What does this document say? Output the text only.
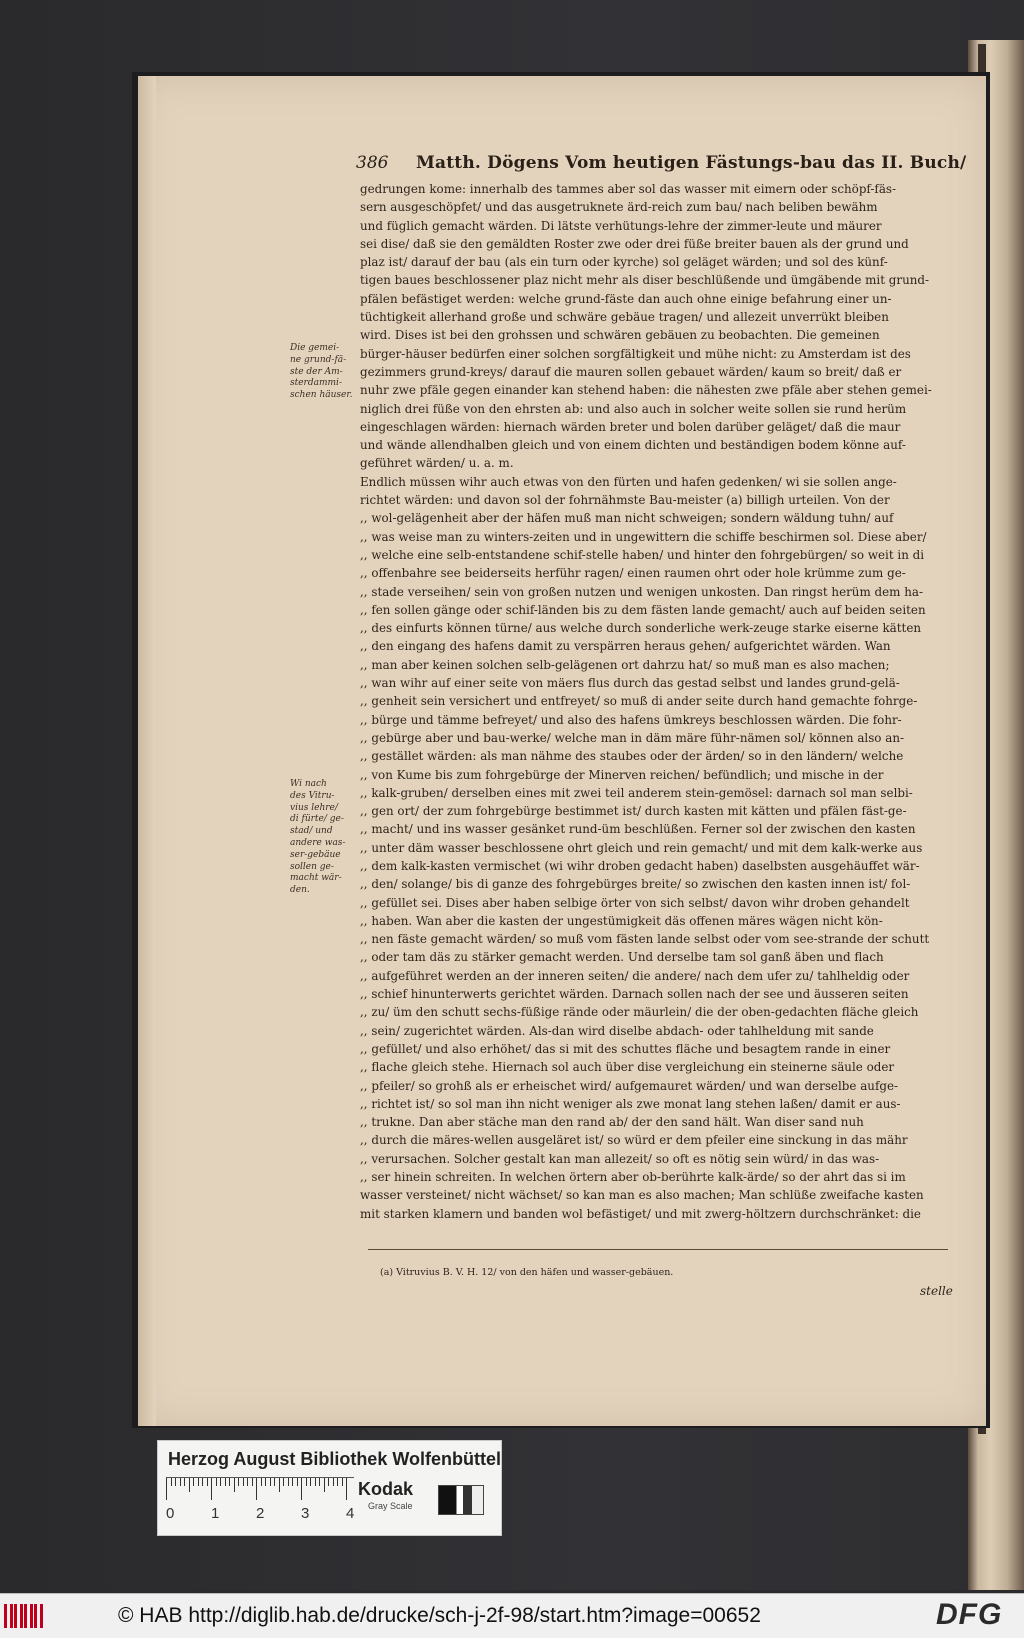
386 Matth. Dögens Vom heutigen Fästungs-bau das II. Buch/
gedrungen kome: innerhalb des tammes aber sol das wasser mit eimern oder schöpf-fäs-
sern ausgeschöpfet/ und das ausgetruknete ärd-reich zum bau/ nach belіben bewähm
und füglich gemacht wärden. Di lätste verhütungs-lehre der zimmer-leute und mäurer
sei dise/ daß sie den gemäldten Roster zwe oder drei füße breiter bauen als der grund und
plaz ist/ darauf der bau (als ein turn oder kyrche) sol geläget wärden; und sol des künf-
tigen baues beschlossener plaz nicht mehr als diser beschlüßende und ümgäbende mit grund-
pfälen befästiget werden: welche grund-fäste dan auch ohne einige befahrung einer un-
tüchtigkeit allerhand große und schwäre gebäue tragen/ und allezeit unverrükt bleiben
wird. Dises ist bei den grohssen und schwären gebäuen zu beobachten. Die gemeinen
bürger-häuser bedürfen einer solchen sorgfältigkeit und mühe nicht: zu Amsterdam ist des
gezimmers grund-kreys/ darauf die mauren sollen gebauet wärden/ kaum so breit/ daß er
nuhr zwe pfäle gegen einander kan stehend haben: die nähesten zwe pfäle aber stehen gemei-
niglich drei füße von den ehrsten ab: und also auch in solcher weite sollen sie rund herüm
eingeschlagen wärden: hiernach wärden breter und bolen darüber geläget/ daß die maur
und wände allendhalben gleich und von einem dichten und beständigen bodem könne auf-
geführet wärden/ u. a. m.
Endlich müssen wihr auch etwas von den fürten und hafen gedenken/ wi sie sollen ange-
richtet wärden: und davon sol der fohrnähmste Bau-meister (a) billigh urteilen. Von der
,, wol-gelägenheit aber der häfen muß man nicht schweigen; sondern wäldung tuhn/ auf
,, was weise man zu winters-zeiten und in ungewittern die schiffe beschirmen sol. Diese aber/
,, welche eine selb-entstandene schif-stelle haben/ und hinter den fohrgebürgen/ so weit in di
,, offenbahre see beiderseits herführ ragen/ einen raumen ohrt oder hole krümme zum ge-
,, stade verseihen/ sein von großen nutzen und wenigen unkosten. Dan ringst herüm dem ha-
,, fen sollen gänge oder schif-länden bis zu dem fästen lande gemacht/ auch auf beiden seiten
,, des einfurts können türne/ aus welche durch sonderliche werk-zeuge starke eiserne kätten
,, den eingang des hafens damit zu verspärren heraus gehen/ aufgerichtet wärden. Wan
,, man aber keinen solchen selb-gelägenen ort dahrzu hat/ so muß man es also machen;
,, wan wihr auf einer seite von mäers flus durch das gestad selbst und landes grund-gelä-
,, genheit sein versichert und entfreyet/ so muß di ander seite durch hand gemachte fohrge-
,, bürge und tämme befreyet/ und also des hafens ümkreys beschlossen wärden. Die fohr-
,, gebürge aber und bau-werke/ welche man in däm märe führ-nämen sol/ können also an-
,, gestället wärden: als man nähme des staubes oder der ärden/ so in den ländern/ welche
,, von Kume bis zum fohrgebürge der Minerven reichen/ befündlich; und mische in der
,, kalk-gruben/ derselben eines mit zwei teil anderem stein-gemösel: darnach sol man selbi-
,, gen ort/ der zum fohrgebürge bestimmet ist/ durch kasten mit kätten und pfälen fäst-ge-
,, macht/ und ins wasser gesänket rund-üm beschlüßen. Ferner sol der zwischen den kasten
,, unter däm wasser beschlossene ohrt gleich und rein gemacht/ und mit dem kalk-werke aus
,, dem kalk-kasten vermischet (wi wihr droben gedacht haben) daselbsten ausgehäuffet wär-
,, den/ solange/ bis di ganze des fohrgebürges breite/ so zwischen den kasten innen ist/ fol-
,, gefüllet sei. Dises aber haben selbige örter von sich selbst/ davon wihr droben gehandelt
,, haben. Wan aber die kasten der ungestümigkeit däs offenen märes wägen nicht kön-
,, nen fäste gemacht wärden/ so muß vom fästen lande selbst oder vom see-strande der schutt
,, oder tam däs zu stärker gemacht werden. Und derselbe tam sol ganß äben und flach
,, aufgeführet werden an der inneren seiten/ die andere/ nach dem ufer zu/ tahlheldig oder
,, schief hinunterwerts gerichtet wärden. Darnach sollen nach der see und äusseren seiten
,, zu/ üm den schutt sechs-füßige rände oder mäurlein/ die der oben-gedachten fläche gleich
,, sein/ zugerichtet wärden. Als-dan wird diselbe abdach- oder tahlheldung mit sande
,, gefüllet/ und also erhöhet/ das si mit des schuttes fläche und besagtem rande in einer
,, flache gleich stehe. Hiernach sol auch über dise vergleichung ein steinerne säule oder
,, pfeiler/ so grohß als er erheischet wird/ aufgemauret wärden/ und wan derselbe aufge-
,, richtet ist/ so sol man ihn nicht weniger als zwe monat lang stehen laßen/ damit er aus-
,, trukne. Dan aber stäche man den rand ab/ der den sand hält. Wan diser sand nuh
,, durch die märes-wellen ausgeläret ist/ so würd er dem pfeiler eine sinckung in das mähr
,, verursachen. Solcher gestalt kan man allezeit/ so oft es nötig sein würd/ in das was-
,, ser hinein schreiten. In welchen örtern aber ob-berührte kalk-ärde/ so der ahrt das si im
wasser versteinet/ nicht wächset/ so kan man es also machen; Man schlüße zweifache kasten
mit starken klamern und banden wol befästiget/ und mit zwerg-höltzern durchschränket: die
Die gemei-
ne grund-fä-
ste der Am-
sterdammi-
schen häuser.
Wi nach
des Vitru-
vius lehre/
di fürte/ ge-
stad/ und
andere was-
ser-gebäue
sollen ge-
macht wär-
den.
(a) Vitruvius B. V. H. 12/ von den häfen und wasser-gebäuen.
stelle
Herzog August Bibliothek Wolfenbüttel
0 1 2 3 4
Kodak
Gray Scale
© HAB http://diglib.hab.de/drucke/sch-j-2f-98/start.htm?image=00652	DFG
